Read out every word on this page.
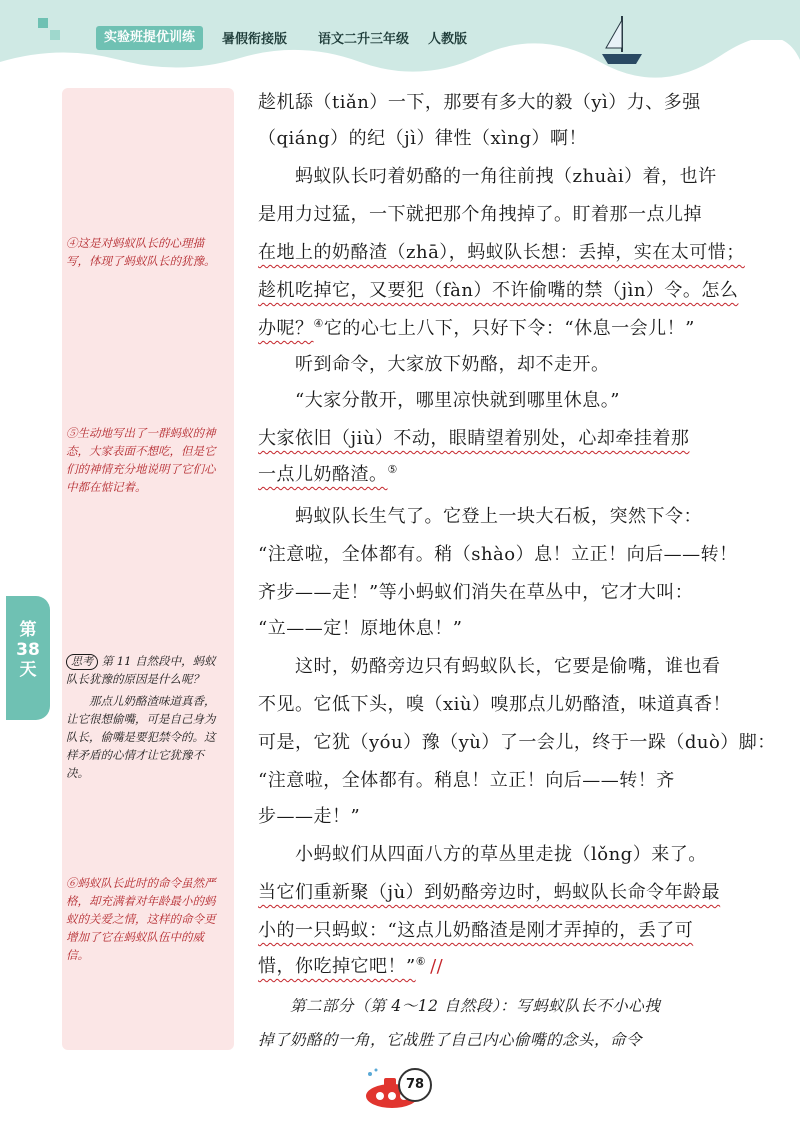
实验班提优训练	暑假衔接版 语文二升三年级 人教版
④这是对蚂蚁队长的心理描写，体现了蚂蚁队长的犹豫。
⑤生动地写出了一群蚂蚁的神态，大家表面不想吃，但是它们的神情充分地说明了它们心中都在惦记着。
思考 第 11 自然段中，蚂蚁队长犹豫的原因是什么呢？
那点儿奶酪渣味道真香，让它很想偷嘴，可是自己身为队长，偷嘴是要犯禁令的。这样矛盾的心情才让它犹豫不决。
⑥蚂蚁队长此时的命令虽然严格，却充满着对年龄最小的蚂蚁的关爱之情，这样的命令更增加了它在蚂蚁队伍中的威信。
第
38
天
趁机舔（tiǎn）一下，那要有多大的毅（yì）力、多强
（qiáng）的纪（jì）律性（xìng）啊！
　　蚂蚁队长叼着奶酪的一角往前拽（zhuài）着，也许
是用力过猛，一下就把那个角拽掉了。盯着那一点儿掉
在地上的奶酪渣（zhā），蚂蚁队长想：丢掉，实在太可惜；
趁机吃掉它，又要犯（fàn）不许偷嘴的禁（jìn）令。怎么
办呢？④它的心七上八下，只好下令：“休息一会儿！”
　　听到命令，大家放下奶酪，却不走开。
　　“大家分散开，哪里凉快就到哪里休息。”
大家依旧（jiù）不动，眼睛望着别处，心却牵挂着那
一点儿奶酪渣。⑤
　　蚂蚁队长生气了。它登上一块大石板，突然下令：
“注意啦，全体都有。稍（shào）息！立正！向后——转！
齐步——走！”等小蚂蚁们消失在草丛中，它才大叫：
“立——定！原地休息！”
　　这时，奶酪旁边只有蚂蚁队长，它要是偷嘴，谁也看
不见。它低下头，嗅（xiù）嗅那点儿奶酪渣，味道真香！
可是，它犹（yóu）豫（yù）了一会儿，终于一跺（duò）脚：
“注意啦，全体都有。稍息！立正！向后——转！齐
步——走！”
　　小蚂蚁们从四面八方的草丛里走拢（lǒng）来了。
当它们重新聚（jù）到奶酪旁边时，蚂蚁队长命令年龄最
小的一只蚂蚁：“这点儿奶酪渣是刚才弄掉的，丢了可
惜，你吃掉它吧！”⑥ //
　　第二部分（第 4～12 自然段）：写蚂蚁队长不小心拽
掉了奶酪的一角，它战胜了自己内心偷嘴的念头，命令
78
